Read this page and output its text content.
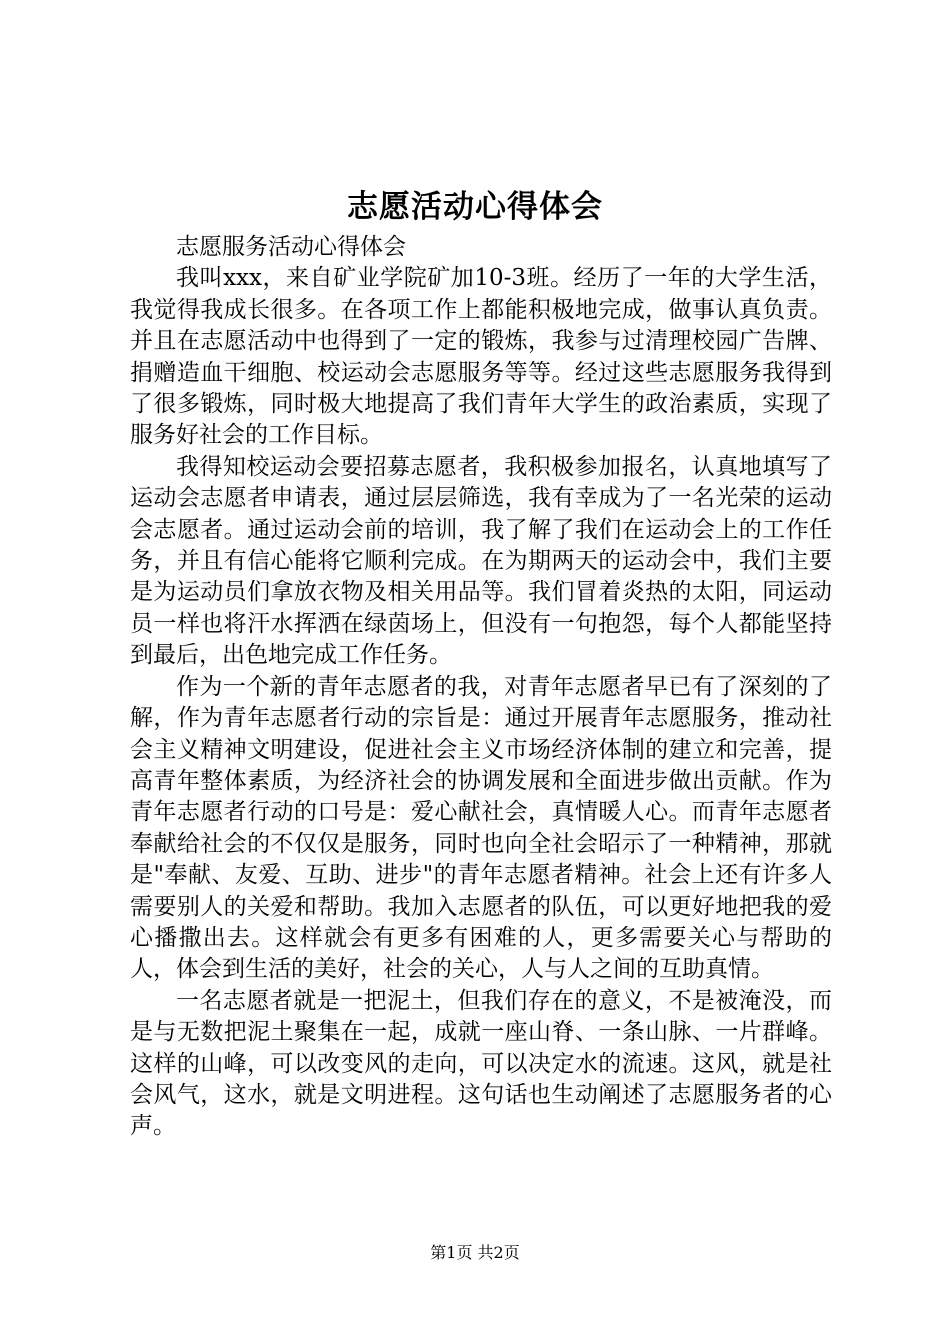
志愿活动心得体会

志愿服务活动心得体会

我叫xxx，来自矿业学院矿加10-3班。经历了一年的大学生活，我觉得我成长很多。在各项工作上都能积极地完成，做事认真负责。并且在志愿活动中也得到了一定的锻炼，我参与过清理校园广告牌、捐赠造血干细胞、校运动会志愿服务等等。经过这些志愿服务我得到了很多锻炼，同时极大地提高了我们青年大学生的政治素质，实现了服务好社会的工作目标。

我得知校运动会要招募志愿者，我积极参加报名，认真地填写了运动会志愿者申请表，通过层层筛选，我有幸成为了一名光荣的运动会志愿者。通过运动会前的培训，我了解了我们在运动会上的工作任务，并且有信心能将它顺利完成。在为期两天的运动会中，我们主要是为运动员们拿放衣物及相关用品等。我们冒着炎热的太阳，同运动员一样也将汗水挥洒在绿茵场上，但没有一句抱怨，每个人都能坚持到最后，出色地完成工作任务。

作为一个新的青年志愿者的我，对青年志愿者早已有了深刻的了解，作为青年志愿者行动的宗旨是：通过开展青年志愿服务，推动社会主义精神文明建设，促进社会主义市场经济体制的建立和完善，提高青年整体素质，为经济社会的协调发展和全面进步做出贡献。作为青年志愿者行动的口号是：爱心献社会，真情暖人心。而青年志愿者奉献给社会的不仅仅是服务，同时也向全社会昭示了一种精神，那就是"奉献、友爱、互助、进步"的青年志愿者精神。社会上还有许多人需要别人的关爱和帮助。我加入志愿者的队伍，可以更好地把我的爱心播撒出去。这样就会有更多有困难的人，更多需要关心与帮助的人，体会到生活的美好，社会的关心，人与人之间的互助真情。

一名志愿者就是一把泥土，但我们存在的意义，不是被淹没，而是与无数把泥土聚集在一起，成就一座山脊、一条山脉、一片群峰。这样的山峰，可以改变风的走向，可以决定水的流速。这风，就是社会风气，这水，就是文明进程。这句话也生动阐述了志愿服务者的心声。

第1页 共2页
